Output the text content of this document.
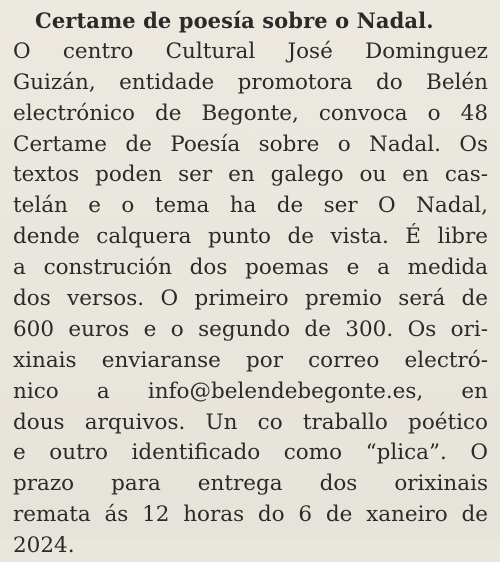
Certame de poesía sobre o Nadal.
O centro Cultural José Dominguez
Guizán, entidade promotora do Belén
electrónico de Begonte, convoca o 48
Certame de Poesía sobre o Nadal. Os
textos poden ser en galego ou en cas-
telán e o tema ha de ser O Nadal,
dende calquera punto de vista. É libre
a construción dos poemas e a medida
dos versos. O primeiro premio será de
600 euros e o segundo de 300. Os ori-
xinais enviaranse por correo electró-
nico a info@belendebegonte.es, en
dous arquivos. Un co traballo poético
e outro identificado como “plica”. O
prazo para entrega dos orixinais
remata ás 12 horas do 6 de xaneiro de
2024.
